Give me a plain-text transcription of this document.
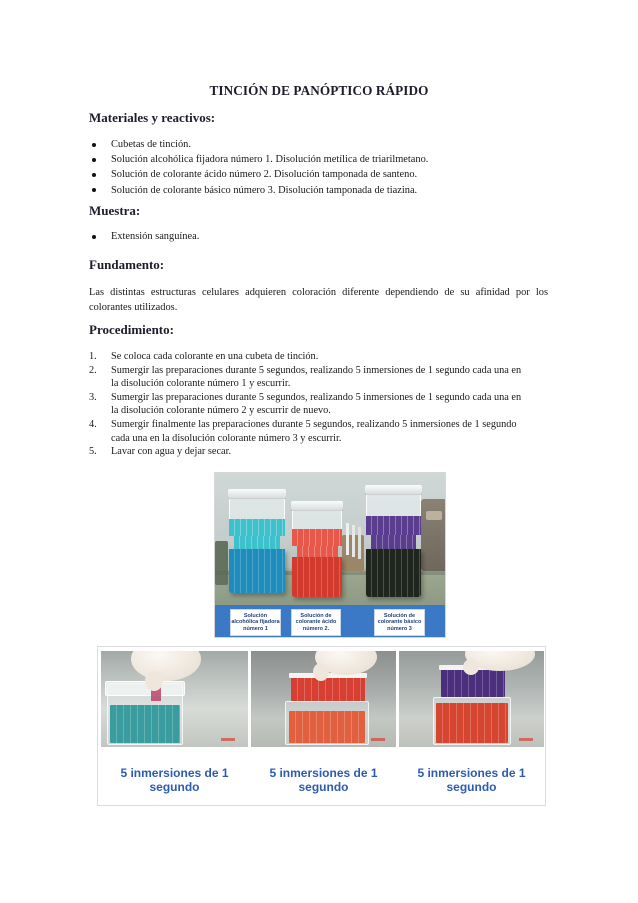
TINCIÓN DE PANÓPTICO RÁPIDO
Materiales y reactivos:
Cubetas de tinción.
Solución alcohólica fijadora número 1. Disolución metílica de triarilmetano.
Solución de colorante ácido número 2. Disolución tamponada de santeno.
Solución de colorante básico número 3. Disolución tamponada de tiazina.
Muestra:
Extensión sanguínea.
Fundamento:

Las distintas estructuras celulares adquieren coloración diferente dependiendo de su afinidad por los colorantes utilizados.

Procedimiento:
1. Se coloca cada colorante en una cubeta de tinción.
2. Sumergir las preparaciones durante 5 segundos, realizando 5 inmersiones de 1 segundo cada una en
la disolución colorante número 1 y escurrir.
3. Sumergir las preparaciones durante 5 segundos, realizando 5 inmersiones de 1 segundo cada una en
la disolución colorante número 2 y escurrir de nuevo.
4. Sumergir finalmente las preparaciones durante 5 segundos, realizando 5 inmersiones de 1 segundo
cada una en la disolución colorante número 3 y escurrir.
5. Lavar con agua y dejar secar.
Solución
alcohólica fijadora
número 1
Solución de
colorante ácido
número 2.
Solución de
colorante básico
número 3
5 inmersiones de 1
segundo
5 inmersiones de 1
segundo
5 inmersiones de 1
segundo
